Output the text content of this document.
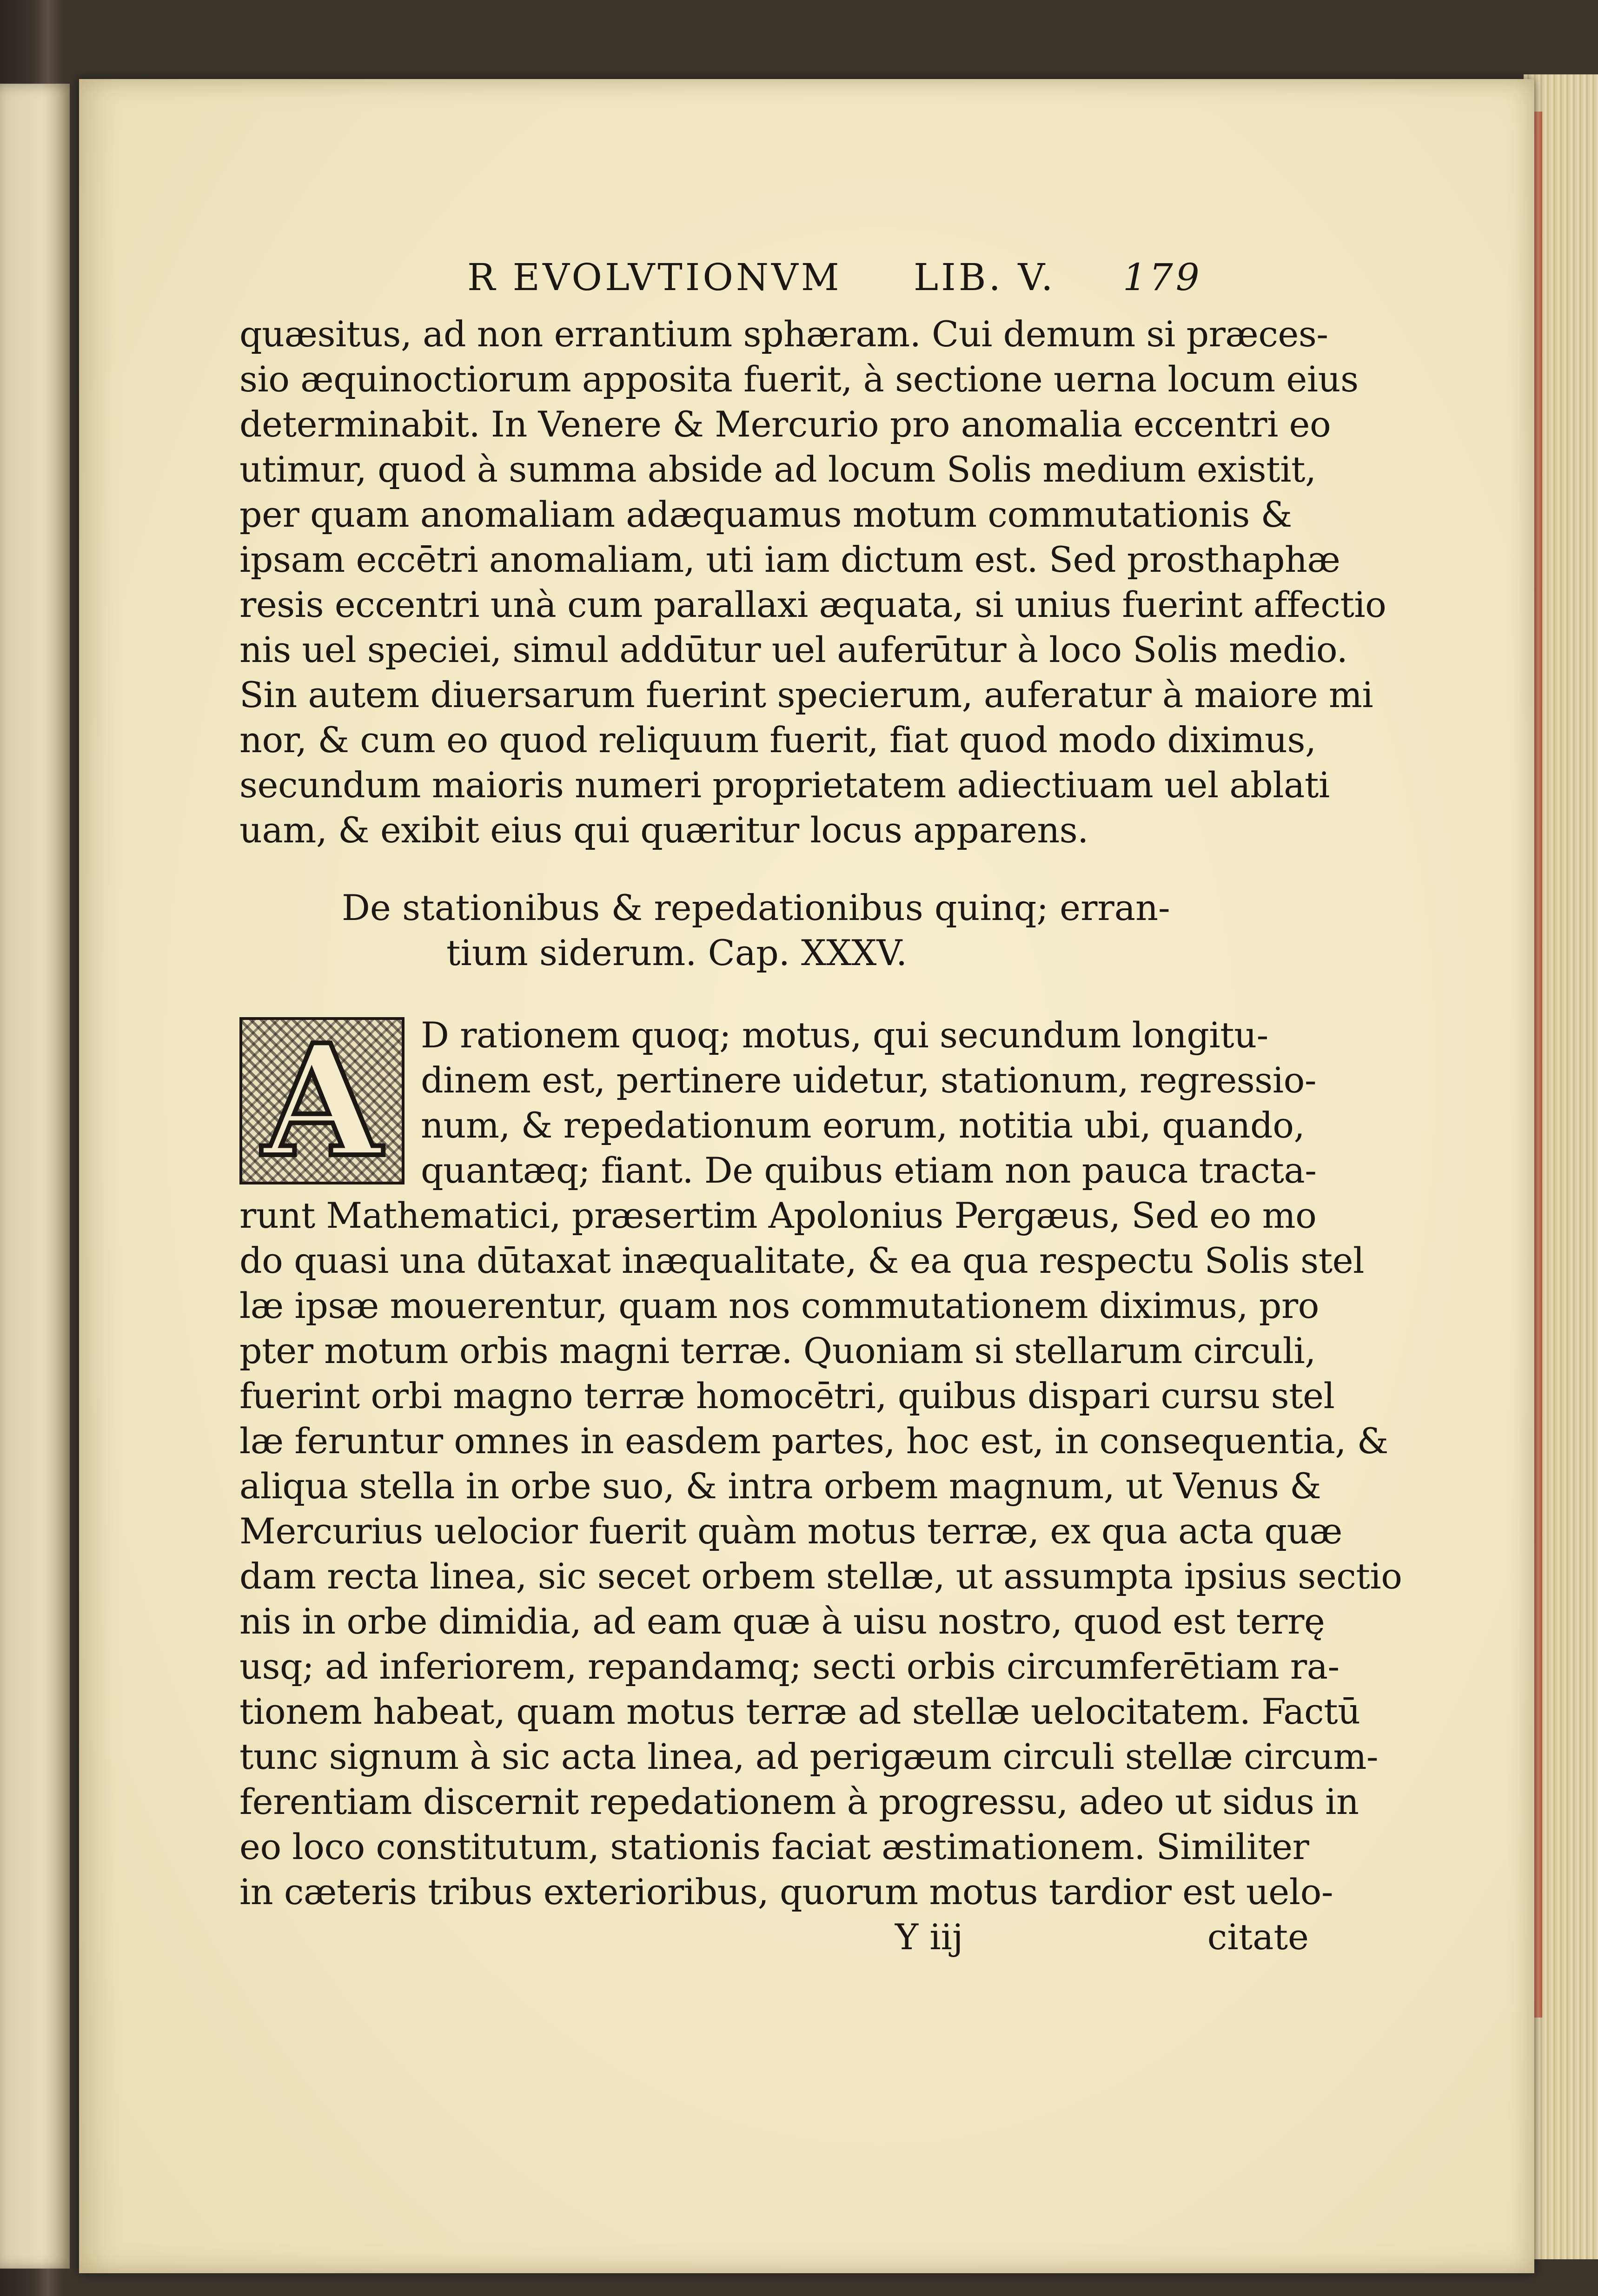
R EVOLVTIONVM LIB. V. 179
quæsitus, ad non errantium sphæram. Cui demum si præces-
sio æquinoctiorum apposita fuerit, à sectione uerna locum eius
determinabit. In Venere & Mercurio pro anomalia eccentri eo
utimur, quod à summa abside ad locum Solis medium existit,
per quam anomaliam adæquamus motum commutationis &
ipsam eccētri anomaliam, uti iam dictum est. Sed prosthaphæ
resis eccentri unà cum parallaxi æquata, si unius fuerint affectio
nis uel speciei, simul addūtur uel auferūtur à loco Solis medio.
Sin autem diuersarum fuerint specierum, auferatur à maiore mi
nor, & cum eo quod reliquum fuerit, fiat quod modo diximus,
secundum maioris numeri proprietatem adiectiuam uel ablati
uam, & exibit eius qui quæritur locus apparens.
De stationibus & repedationibus quinq; erran-
tium siderum. Cap. XXXV.
A	D rationem quoq; motus, qui secundum longitu-
dinem est, pertinere uidetur, stationum, regressio-
num, & repedationum eorum, notitia ubi, quando,
quantæq; fiant. De quibus etiam non pauca tracta-
runt Mathematici, præsertim Apolonius Pergæus, Sed eo mo
do quasi una dūtaxat inæqualitate, & ea qua respectu Solis stel
læ ipsæ mouerentur, quam nos commutationem diximus, pro
pter motum orbis magni terræ. Quoniam si stellarum circuli,
fuerint orbi magno terræ homocētri, quibus dispari cursu stel
læ feruntur omnes in easdem partes, hoc est, in consequentia, &
aliqua stella in orbe suo, & intra orbem magnum, ut Venus &
Mercurius uelocior fuerit quàm motus terræ, ex qua acta quæ
dam recta linea, sic secet orbem stellæ, ut assumpta ipsius sectio
nis in orbe dimidia, ad eam quæ à uisu nostro, quod est terrę
usq; ad inferiorem, repandamq; secti orbis circumferētiam ra-
tionem habeat, quam motus terræ ad stellæ uelocitatem. Factū
tunc signum à sic acta linea, ad perigæum circuli stellæ circum-
ferentiam discernit repedationem à progressu, adeo ut sidus in
eo loco constitutum, stationis faciat æstimationem. Similiter
in cæteris tribus exterioribus, quorum motus tardior est uelo-
Y iij	citate
